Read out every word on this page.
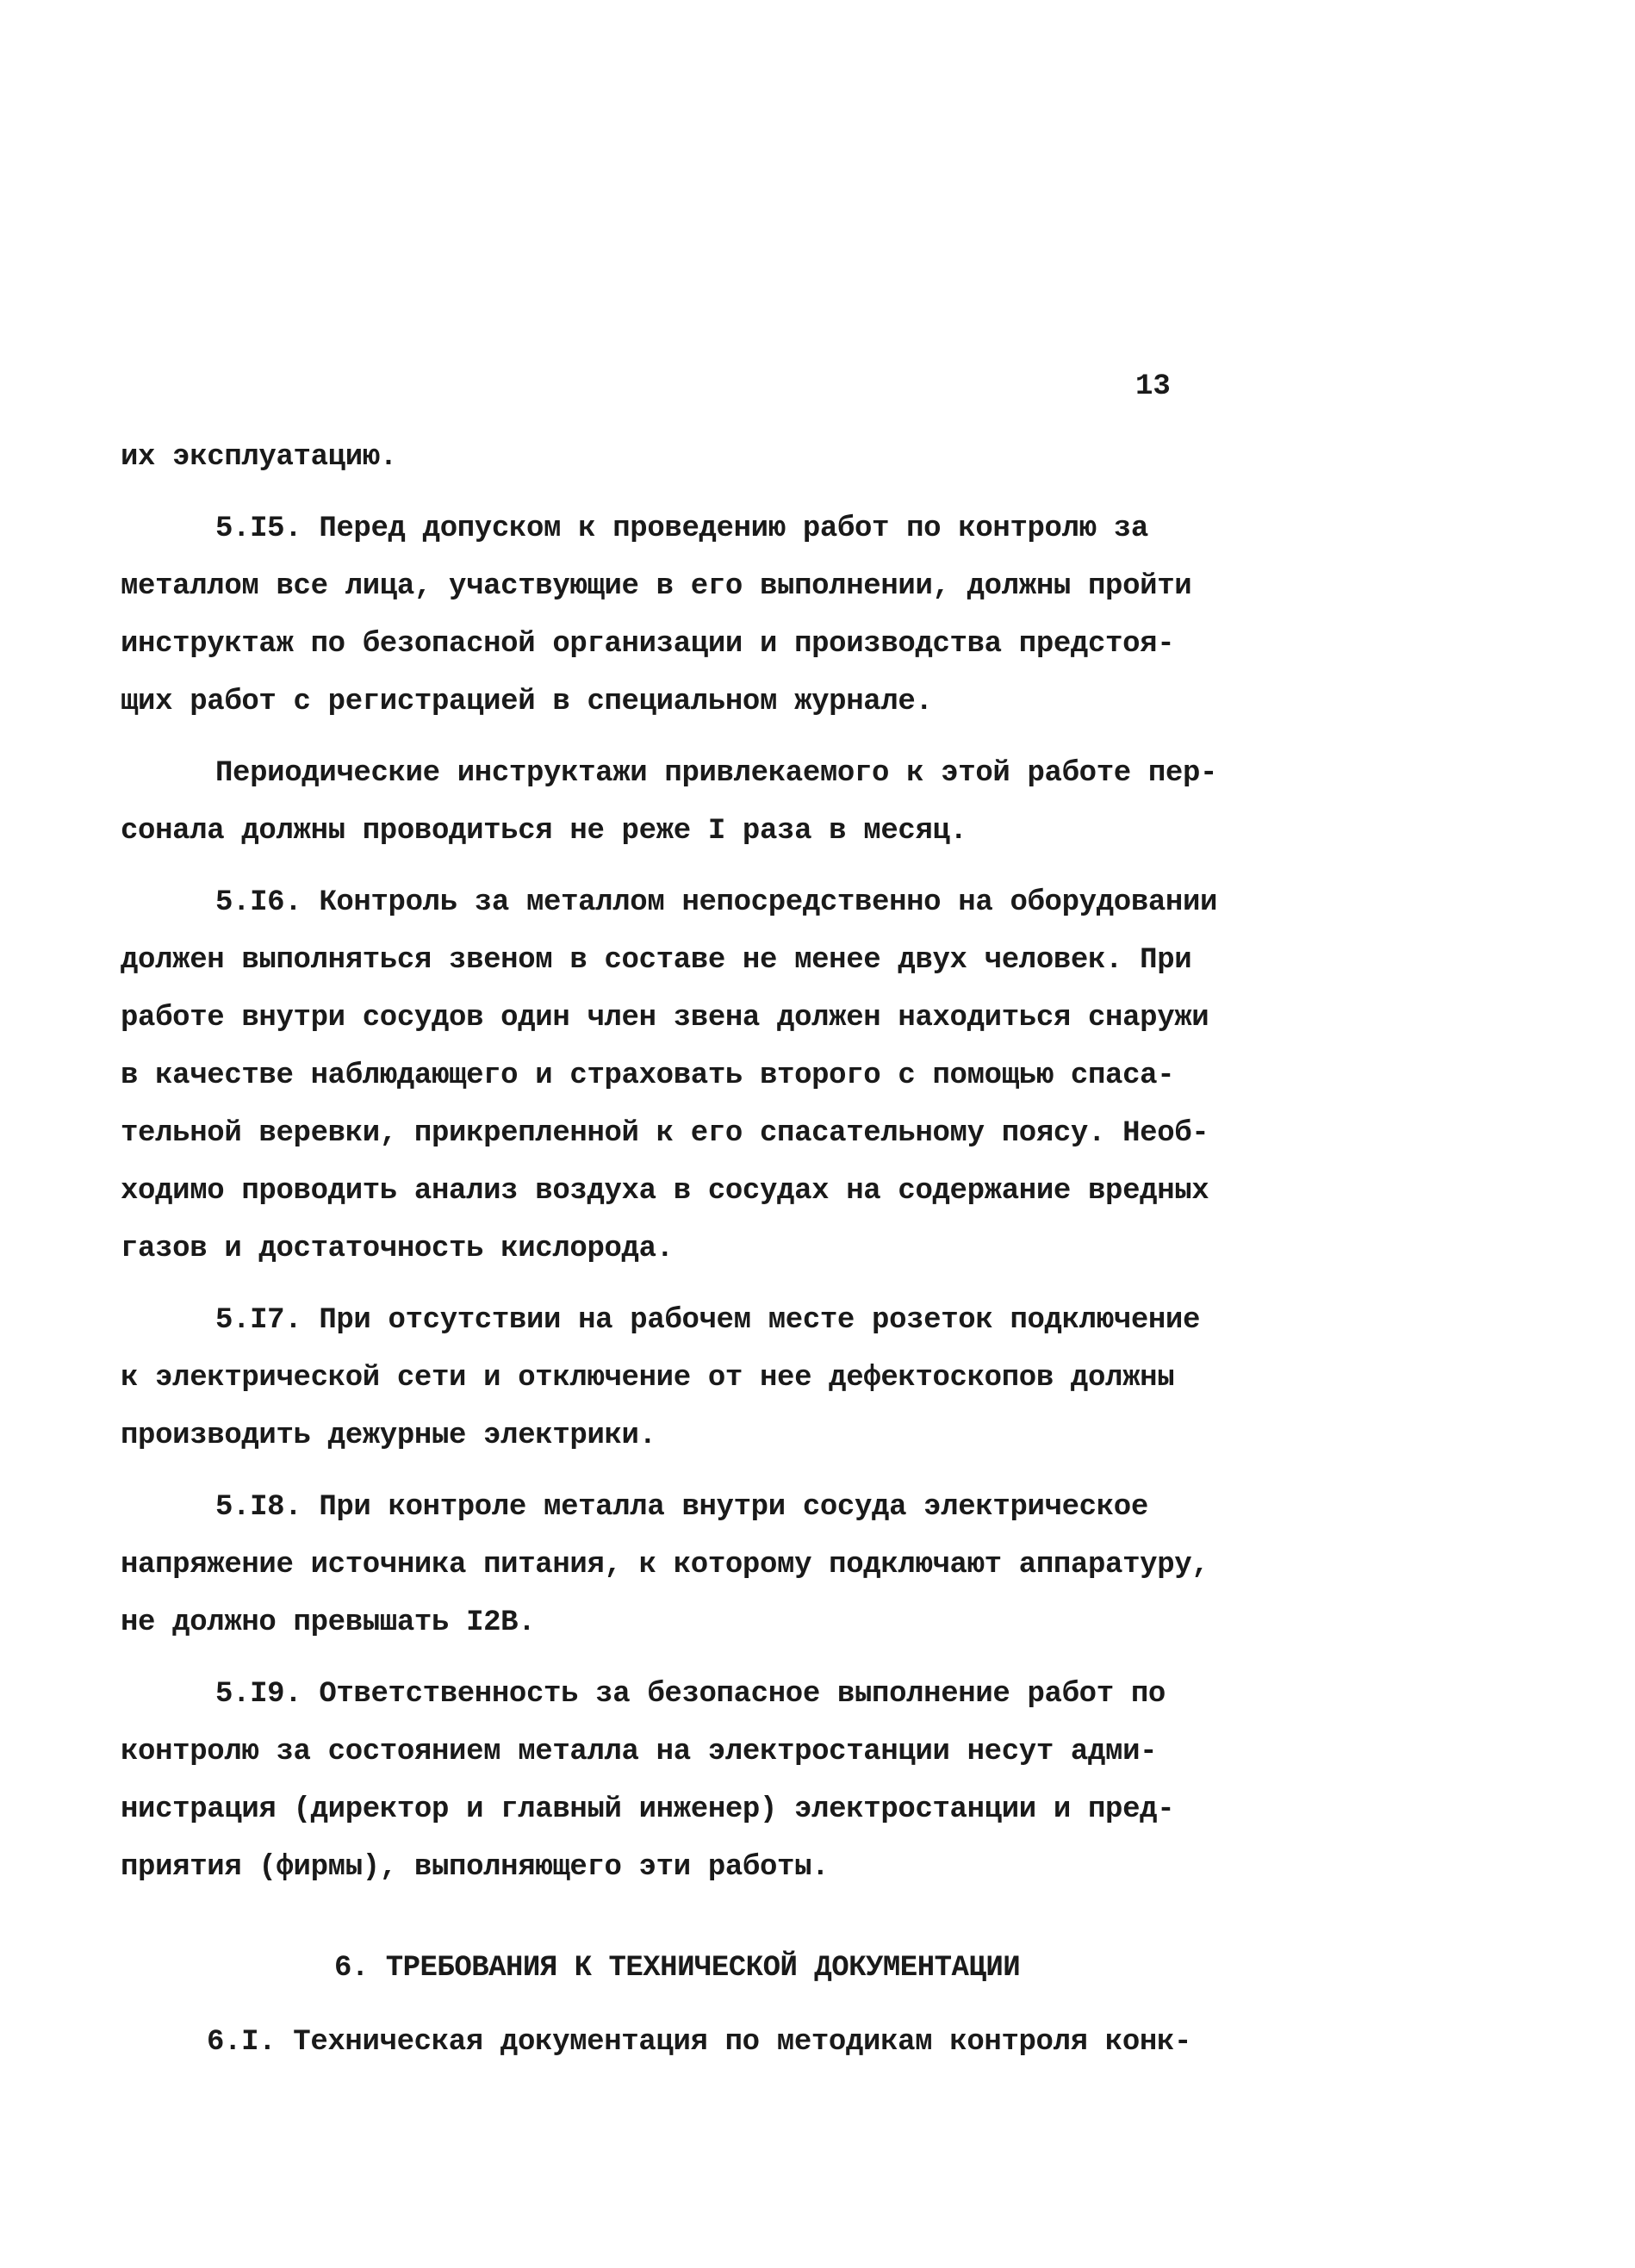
13
их эксплуатацию.
5.I5. Перед допуском к проведению работ по контролю за
металлом все лица, участвующие в его выполнении, должны пройти
инструктаж по безопасной организации и производства предстоя-
щих работ с регистрацией в специальном журнале.
Периодические инструктажи привлекаемого к этой работе пер-
сонала должны проводиться не реже I раза в месяц.
5.I6. Контроль за металлом непосредственно на оборудовании
должен выполняться звеном в составе не менее двух человек. При
работе внутри сосудов один член звена должен находиться снаружи
в качестве наблюдающего и страховать второго с помощью спаса-
тельной веревки, прикрепленной к его спасательному поясу. Необ-
ходимо проводить анализ воздуха в сосудах на содержание вредных
газов и достаточность кислорода.
5.I7. При отсутствии на рабочем месте розеток подключение
к электрической сети и отключение от нее дефектоскопов должны
производить дежурные электрики.
5.I8. При контроле металла внутри сосуда электрическое
напряжение источника питания, к которому подключают аппаратуру,
не должно превышать I2В.
5.I9. Ответственность за безопасное выполнение работ по
контролю за состоянием металла на электростанции несут адми-
нистрация (директор и главный инженер) электростанции и пред-
приятия (фирмы), выполняющего эти работы.
6. ТРЕБОВАНИЯ К ТЕХНИЧЕСКОЙ ДОКУМЕНТАЦИИ
6.I. Техническая документация по методикам контроля конк-
